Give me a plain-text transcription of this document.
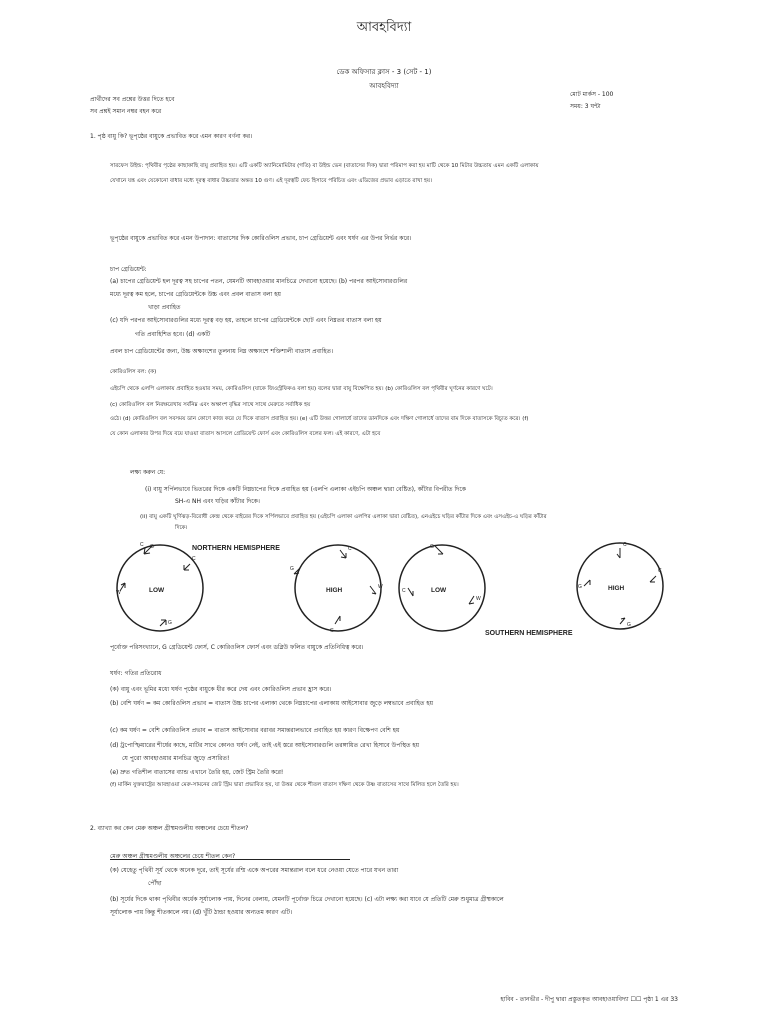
আবহবিদ্যা
ডেক অফিসার ক্লাস - 3 (সেট - 1)
আবহবিদ্যা
প্রার্থীদের সব প্রশ্নের উত্তর দিতে হবে
সব প্রশ্নই সমান নম্বর বহন করে
মোট মার্কস - 100
সময়: 3 ঘন্টা
1. পৃষ্ঠ বায়ু কি? ভূপৃষ্ঠের বায়ুকে প্রভাবিত করে এমন কারণ বর্ণনা কর।
সারফেস উইন্ড: পৃথিবীর পৃষ্ঠের কাছাকাছি বায়ু প্রবাহিত হয়। এটি একটি অ্যানিমোমিটার (গতি) বা উইন্ড ভেন (বাতাসের দিক) দ্বারা পরিমাপ করা হয় মাটি থেকে 10 মিটার উচ্চতায় এমন একটি এলাকায়
যেখানে যন্ত্র এবং যেকোনো বাধার মধ্যে দূরত্ব বাধার উচ্চতার অন্তত 10 গুণ। এই দূরত্বটি ফেচ হিসাবে পরিচিত এবং এডিজের প্রভাব এড়াতে রাখা হয়।
ভূপৃষ্ঠের বায়ুকে প্রভাবিত করে এমন উপাদান: বাতাসের দিক কোরিওলিস প্রভাব, চাপ গ্রেডিয়েন্ট এবং ঘর্ষণ এর উপর নির্ভর করে।
চাপ গ্রেডিয়েন্ট:
(a) চাপের গ্রেডিয়েন্ট হল দূরত্ব সহ চাপের পতন, যেমনটি আবহাওয়ার মানচিত্রে দেখানো হয়েছে। (b) পরপর আইসোবারগুলির
মধ্যে দূরত্ব কম হলে, চাপের গ্রেডিয়েন্টকে উচ্চ এবং প্রবল বাতাস বলা হয়
খাড়া প্রবাহিত
(c) যদি পরপর আইসোবারগুলির মধ্যে দূরত্ব বড় হয়, তাহলে চাপের গ্রেডিয়েন্টকে ছোট এবং নিম্নতর বাতাস বলা হয়
গতি প্রবাহিশিত হবে। (d) একটি
প্রবল চাপ গ্রেডিয়েন্টের জন্য, উচ্চ অক্ষাংশের তুলনায় নিম্ন অক্ষাংশে শক্তিশালী বাতাস প্রবাহিত।
কোরিওলিস বল: (ক)
এইচপি থেকে এলপি এলাকায় প্রবাহিত হওয়ার সময়, কোরিওলিস (যাকে জিওস্ট্রফিকও বলা হয়) বলের দ্বারা বায়ু বিক্ষেপিত হয়। (b) কোরিওলিস বল পৃথিবীর ঘূর্ণনের কারণে ঘটে।
(c) কোরিওলিস বল নিরক্ষরেখায় সর্বনিম্ন এবং অক্ষাংশ বৃদ্ধির সাথে সাথে মেরুতে সর্বাধিক হয়
ওঠে। (d) কোরিওলিস বল সবসময় ডান কোণে কাজ করে যে দিকে বাতাস প্রবাহিত হয়। (e) এটি উত্তর গোলার্ধে তাদের ডানদিকে এবং দক্ষিণ গোলার্ধে তাদের বাম দিকে বাতাসকে বিচ্যুত করে। (f)
যে কোন এলাকার উপর দিয়ে বয়ে যাওয়া বাতাস আসলে গ্রেডিয়েন্ট ফোর্স এবং কোরিওলিস বলের ফল। এই কারণে, এটা হবে
লক্ষ্য করুন যে:
(i) বায়ু সর্পিলভাবে ভিতরের দিকে একটি নিম্নচাপের দিকে প্রবাহিত হয় (এলপি এলাকা এইচপি অঞ্চল দ্বারা বেষ্টিত), কাঁটার বিপরীত দিকে
SH-এ NH এবং ঘড়ির কাঁটার দিকে।
(ii) বায়ু একটি ঘূর্ণিঝড়-বিরোধী কেন্দ্র থেকে বাইরের দিকে সর্পিলভাবে প্রবাহিত হয় (এইচপি এলাকা এলপির এলাকা দ্বারা বেষ্টিত), এনএইচে ঘড়ির কাঁটার দিকে এবং এসএইচ-এ ঘড়ির কাঁটার
দিকে।
NORTHERN HEMISPHERE
SOUTHERN HEMISPHERE
LOW
G
C
C
W
G
HIGH
C
G
W
G
LOW
G
C
W
HIGH
C
C
G
G
পূর্বোক্ত পরিসংখ্যানে, G গ্রেডিয়েন্ট ফোর্স, C কোরিওলিস ফোর্স এবং ডব্লিউ ফলিত বায়ুকে প্রতিনিধিত্ব করে।
ঘর্ষণ: গতির প্রতিরোধ
(ক) বায়ু এবং ভূমির মধ্যে ঘর্ষণ পৃষ্ঠের বায়ুকে ধীর করে দেয় এবং কোরিওলিস প্রভাব হ্রাস করে।
(b) বেশি ঘর্ষণ = কম কোরিওলিস প্রভাব = বাতাস উচ্চ চাপের এলাকা থেকে নিম্নচাপের এলাকায় আইসোবার জুড়ে লম্বভাবে প্রবাহিত হয়
(c) কম ঘর্ষণ = বেশি কোরিওলিস প্রভাব = বাতাস আইসোবার বরাবর সমান্তরালভাবে প্রবাহিত হয় কারণ বিক্ষেপণ বেশি হয়
(d) ট্রপোস্ফিয়ারের শীর্ষের কাছে, মাটির সাথে কোনও ঘর্ষণ নেই, তাই এই স্তরে আইসোবারগুলি তরঙ্গায়িত রেখা হিসাবে উপস্থিত হয়
যে পুরো আবহাওয়ার মানচিত্র জুড়ে প্রসারিত!
(e) দ্রুত গতিশীল বাতাসের ব্যান্ড এখানে তৈরি হয়, জেট স্ট্রিম তৈরি করে!
(f) মার্কিন যুক্তরাষ্ট্রের আবহাওয়া মেরু-সামনের জেট স্ট্রিম দ্বারা প্রভাবিত হয়, যা উত্তর থেকে শীতল বাতাস দক্ষিণ থেকে উষ্ণ বাতাসের সাথে মিলিত হলে তৈরি হয়।
2. ব্যাখ্যা কর কেন মেরু অঞ্চল গ্রীষ্মমণ্ডলীয় অঞ্চলের চেয়ে শীতল?
মেরু অঞ্চল গ্রীষ্মমণ্ডলীয় অঞ্চলের চেয়ে শীতল কেন?
(ক) যেহেতু পৃথিবী সূর্য থেকে অনেক দূরে, তাই সূর্যের রশ্মি একে অপরের সমান্তরাল বলে ধরে নেওয়া যেতে পারে যখন তারা
পৌঁছা
(b) সূর্যের দিকে থাকা পৃথিবীর অর্ধেক সূর্যালোক পায়, দিনের বেলায়, যেমনটি পূর্বোক্ত চিত্রে দেখানো হয়েছে। (c) এটা লক্ষ্য করা যাবে যে প্রতিটি মেরু শুধুমাত্র গ্রীষ্মকালে
সূর্যালোক পায় কিন্তু শীতকালে নয়। (d) খুঁটি ঠান্ডা হওয়ার অন্যতম কারণ এটি।
হাবিব - তানভীর - দীপু দ্বারা প্রস্তুতকৃত আবহাওয়াবিদ্যা ☐☐ পৃষ্ঠা 1 এর 33
